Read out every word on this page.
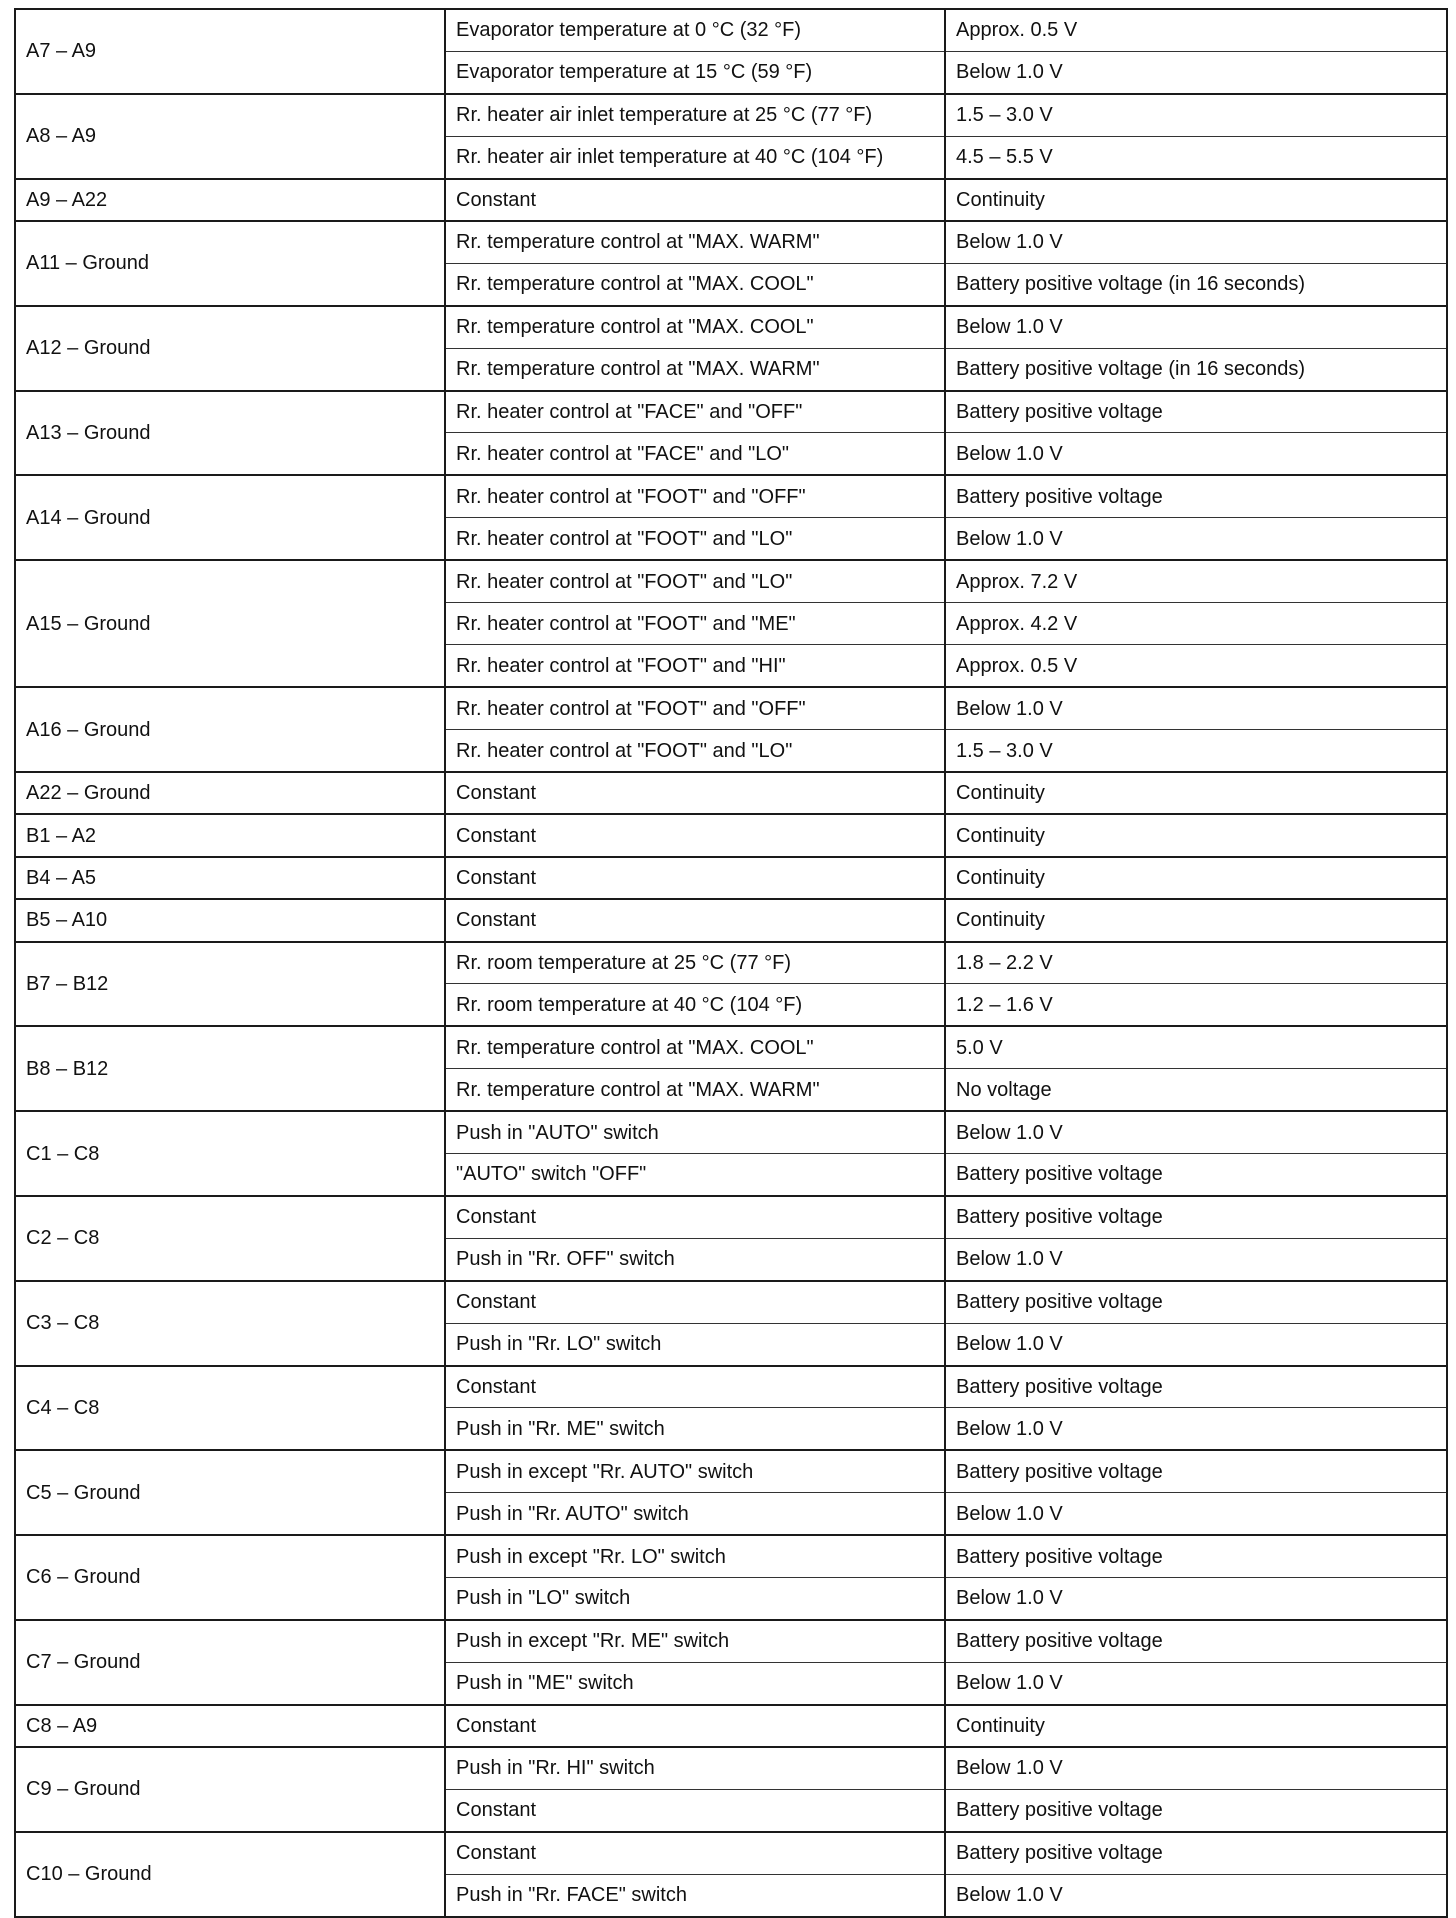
A7 – A9	Evaporator temperature at 0 °C (32 °F)	Approx. 0.5 V
	Evaporator temperature at 15 °C (59 °F)	Below 1.0 V
A8 – A9	Rr. heater air inlet temperature at 25 °C (77 °F)	1.5 – 3.0 V
	Rr. heater air inlet temperature at 40 °C (104 °F)	4.5 – 5.5 V
A9 – A22	Constant	Continuity
A11 – Ground	Rr. temperature control at "MAX. WARM"	Below 1.0 V
	Rr. temperature control at "MAX. COOL"	Battery positive voltage (in 16 seconds)
A12 – Ground	Rr. temperature control at "MAX. COOL"	Below 1.0 V
	Rr. temperature control at "MAX. WARM"	Battery positive voltage (in 16 seconds)
A13 – Ground	Rr. heater control at "FACE" and "OFF"	Battery positive voltage
	Rr. heater control at "FACE" and "LO"	Below 1.0 V
A14 – Ground	Rr. heater control at "FOOT" and "OFF"	Battery positive voltage
	Rr. heater control at "FOOT" and "LO"	Below 1.0 V
A15 – Ground	Rr. heater control at "FOOT" and "LO"	Approx. 7.2 V
	Rr. heater control at "FOOT" and "ME"	Approx. 4.2 V
	Rr. heater control at "FOOT" and "HI"	Approx. 0.5 V
A16 – Ground	Rr. heater control at "FOOT" and "OFF"	Below 1.0 V
	Rr. heater control at "FOOT" and "LO"	1.5 – 3.0 V
A22 – Ground	Constant	Continuity
B1 – A2	Constant	Continuity
B4 – A5	Constant	Continuity
B5 – A10	Constant	Continuity
B7 – B12	Rr. room temperature at 25 °C (77 °F)	1.8 – 2.2 V
	Rr. room temperature at 40 °C (104 °F)	1.2 – 1.6 V
B8 – B12	Rr. temperature control at "MAX. COOL"	5.0 V
	Rr. temperature control at "MAX. WARM"	No voltage
C1 – C8	Push in "AUTO" switch	Below 1.0 V
	"AUTO" switch "OFF"	Battery positive voltage
C2 – C8	Constant	Battery positive voltage
	Push in "Rr. OFF" switch	Below 1.0 V
C3 – C8	Constant	Battery positive voltage
	Push in "Rr. LO" switch	Below 1.0 V
C4 – C8	Constant	Battery positive voltage
	Push in "Rr. ME" switch	Below 1.0 V
C5 – Ground	Push in except "Rr. AUTO" switch	Battery positive voltage
	Push in "Rr. AUTO" switch	Below 1.0 V
C6 – Ground	Push in except "Rr. LO" switch	Battery positive voltage
	Push in "LO" switch	Below 1.0 V
C7 – Ground	Push in except "Rr. ME" switch	Battery positive voltage
	Push in "ME" switch	Below 1.0 V
C8 – A9	Constant	Continuity
C9 – Ground	Push in "Rr. HI" switch	Below 1.0 V
	Constant	Battery positive voltage
C10 – Ground	Constant	Battery positive voltage
	Push in "Rr. FACE" switch	Below 1.0 V
